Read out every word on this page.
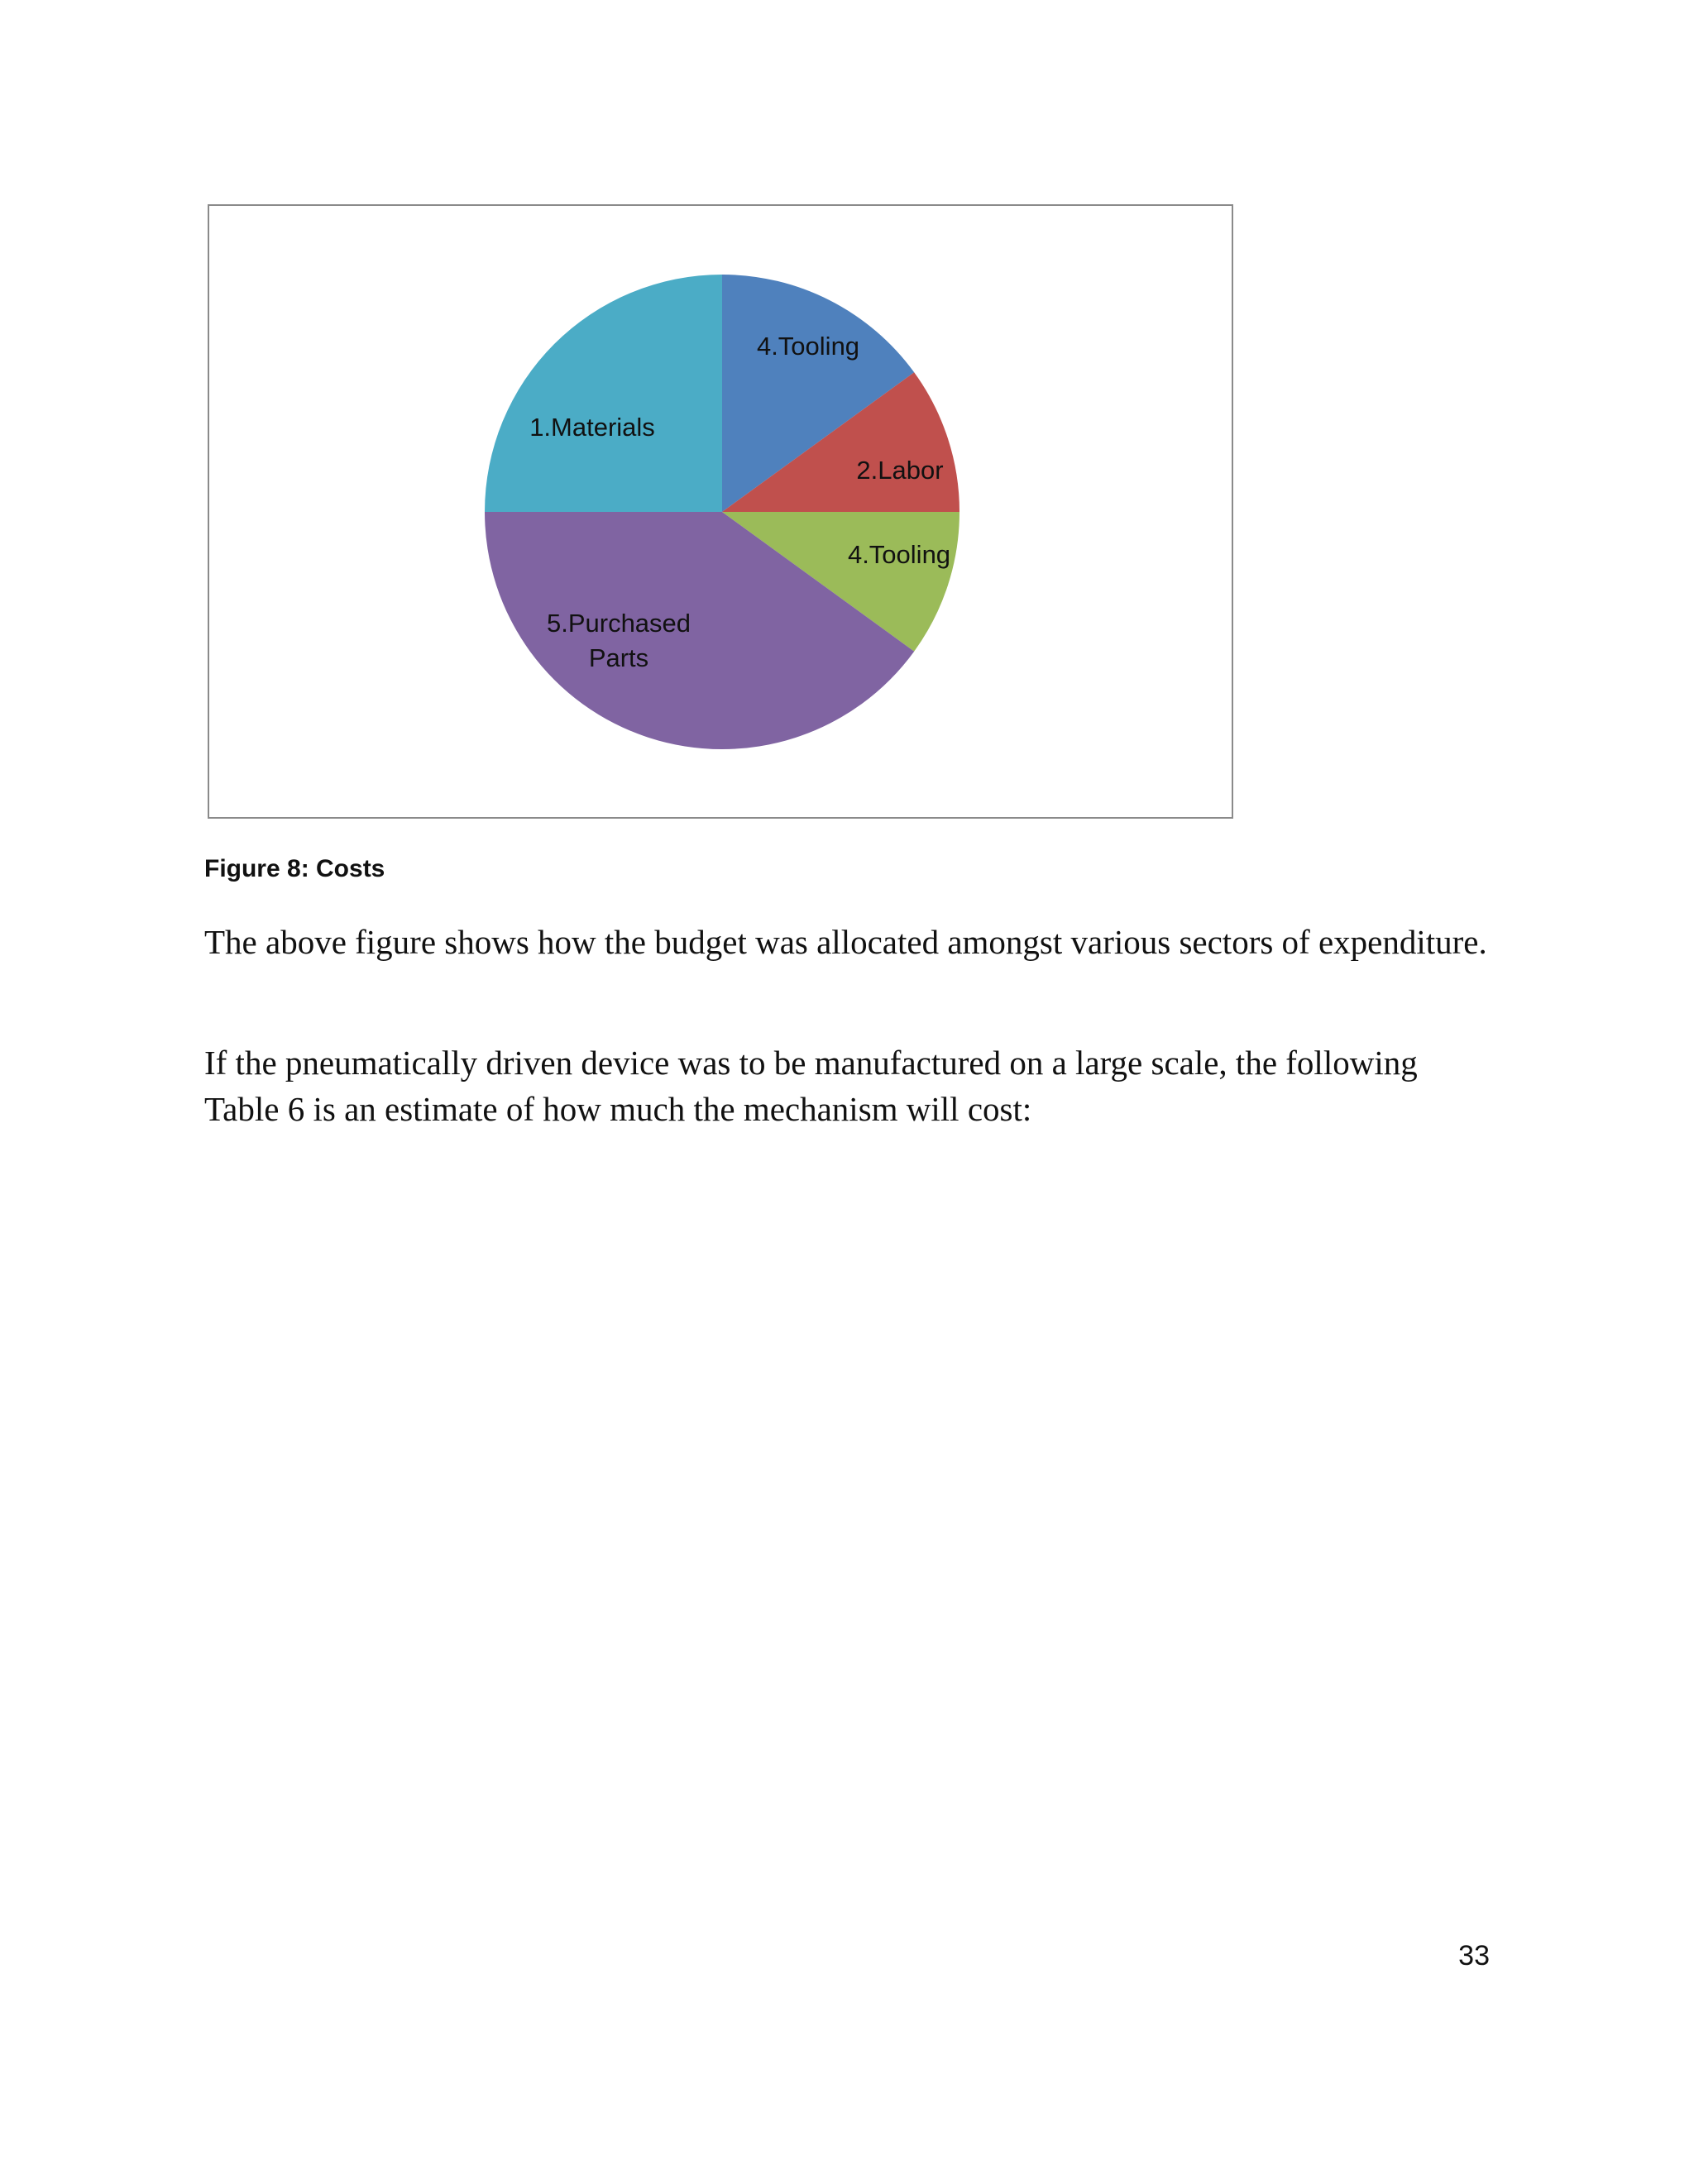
4.Tooling
2.Labor
4.Tooling
5.Purchased Parts
1.Materials

Figure 8: Costs

The above figure shows how the budget was allocated amongst various sectors of expenditure.

If the pneumatically driven device was to be manufactured on a large scale, the following Table 6 is an estimate of how much the mechanism will cost:

33
